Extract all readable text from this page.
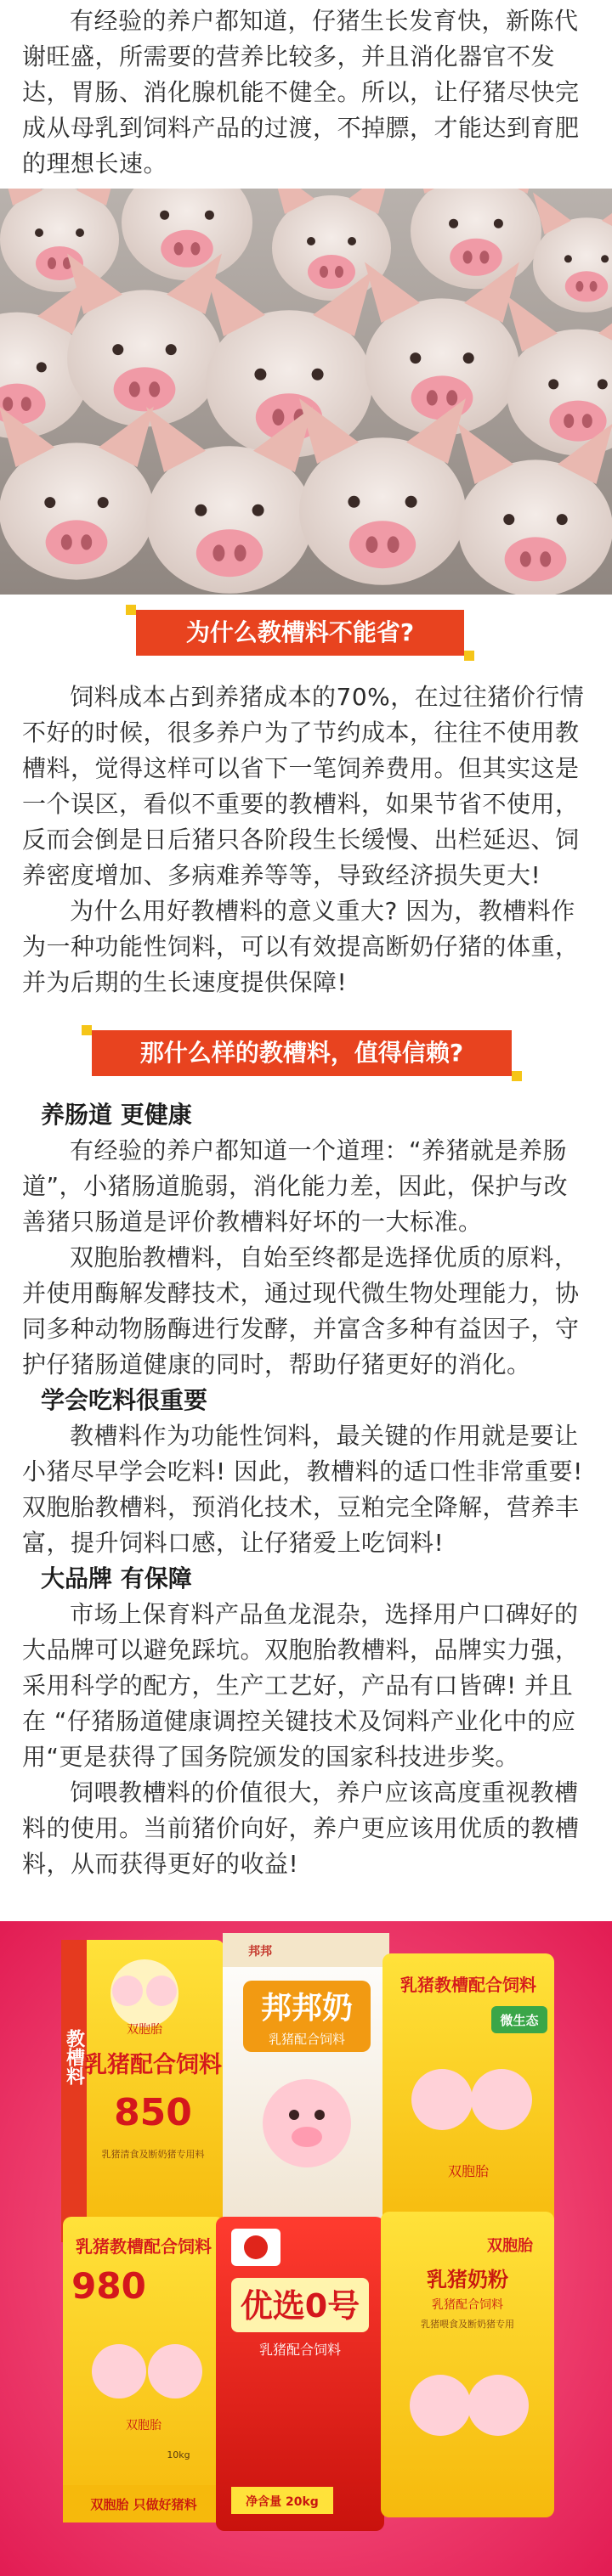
有经验的养户都知道，仔猪生长发育快，新陈代谢旺盛，所需要的营养比较多，并且消化器官不发达，胃肠、消化腺机能不健全。所以，让仔猪尽快完成从母乳到饲料产品的过渡，不掉膘，才能达到育肥的理想长速。

为什么教槽料不能省?

饲料成本占到养猪成本的70%，在过往猪价行情不好的时候，很多养户为了节约成本，往往不使用教槽料，觉得这样可以省下一笔饲养费用。但其实这是一个误区，看似不重要的教槽料，如果节省不使用，反而会倒是日后猪只各阶段生长缓慢、出栏延迟、饲养密度增加、多病难养等等，导致经济损失更大!

为什么用好教槽料的意义重大? 因为，教槽料作为一种功能性饲料，可以有效提高断奶仔猪的体重，并为后期的生长速度提供保障!

那什么样的教槽料，值得信赖?
养肠道 更健康

有经验的养户都知道一个道理：“养猪就是养肠道”，小猪肠道脆弱，消化能力差，因此，保护与改善猪只肠道是评价教槽料好坏的一大标准。

双胞胎教槽料，自始至终都是选择优质的原料，并使用酶解发酵技术，通过现代微生物处理能力，协同多种动物肠酶进行发酵，并富含多种有益因子，守护仔猪肠道健康的同时，帮助仔猪更好的消化。

学会吃料很重要

教槽料作为功能性饲料，最关键的作用就是要让小猪尽早学会吃料! 因此，教槽料的适口性非常重要! 双胞胎教槽料，预消化技术，豆粕完全降解，营养丰富，提升饲料口感，让仔猪爱上吃饲料!

大品牌 有保障

市场上保育料产品鱼龙混杂，选择用户口碑好的大品牌可以避免踩坑。双胞胎教槽料，品牌实力强，采用科学的配方，生产工艺好，产品有口皆碑! 并且在 “仔猪肠道健康调控关键技术及饲料产业化中的应用“更是获得了国务院颁发的国家科技进步奖。

饲喂教槽料的价值很大，养户应该高度重视教槽料的使用。当前猪价向好，养户更应该用优质的教槽料，从而获得更好的收益!

教槽料	双胞胎
乳猪配合饲料
850
乳猪清食及断奶猪专用料
邦邦
邦邦奶
乳猪配合饲料
乳猪教槽配合饲料
微生态
双胞胎
乳猪教槽配合饲料
980
双胞胎
10kg
双胞胎 只做好猪料
优选0号
乳猪配合饲料
净含量 20kg
双胞胎
乳猪奶粉
乳猪配合饲料
乳猪喂食及断奶猪专用
